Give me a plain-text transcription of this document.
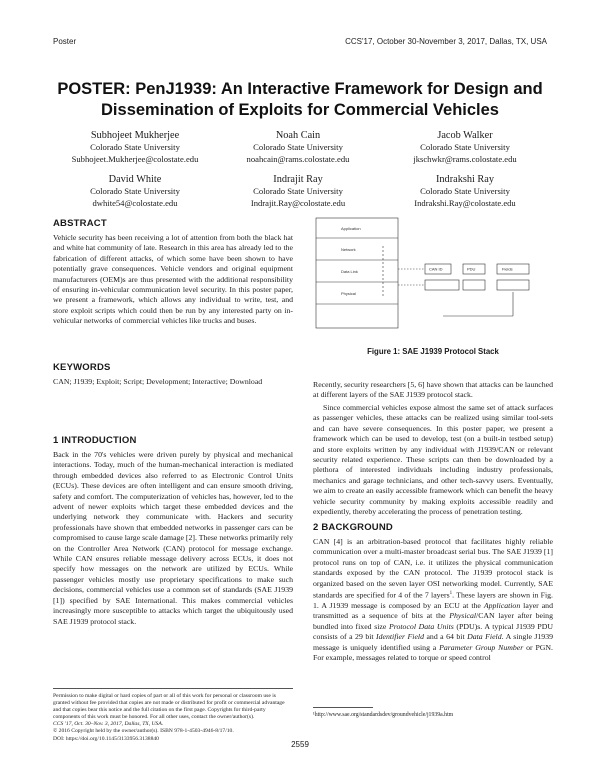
Poster	CCS'17, October 30-November 3, 2017, Dallas, TX, USA
POSTER: PenJ1939: An Interactive Framework for Design and Dissemination of Exploits for Commercial Vehicles
Subhojeet Mukherjee
Colorado State University
Subhojeet.Mukherjee@colostate.edu
Noah Cain
Colorado State University
noahcain@rams.colostate.edu
Jacob Walker
Colorado State University
jkschwkr@rams.colostate.edu
David White
Colorado State University
dwhite54@colostate.edu
Indrajit Ray
Colorado State University
Indrajit.Ray@colostate.edu
Indrakshi Ray
Colorado State University
Indrakshi.Ray@colostate.edu
ABSTRACT

Vehicle security has been receiving a lot of attention from both the black hat and white hat community of late. Research in this area has already led to the fabrication of different attacks, of which some have been shown to have potentially grave consequences. Vehicle vendors and original equipment manufacturers (OEM)s are thus presented with the additional responsibility of ensuring in-vehicular communication level security. In this poster paper, we present a framework, which allows any individual to write, test, and store exploit scripts which could then be run by any interested party on in-vehicular networks of commercial vehicles like trucks and buses.

KEYWORDS

CAN; J1939; Exploit; Script; Development; Interactive; Download

1 INTRODUCTION

Back in the 70's vehicles were driven purely by physical and mechanical interactions. Today, much of the human-mechanical interaction is mediated through embedded devices also referred to as Electronic Control Units (ECUs). These devices are often intelligent and can ensure smooth driving, safety and comfort. The computerization of vehicles has, however, led to the advent of newer exploits which target these embedded devices and the underlying network they communicate with. Hackers and security professionals have shown that embedded networks in passenger cars can be compromised to cause large scale damage [2]. These networks primarily rely on the Controller Area Network (CAN) protocol for message exchange. While CAN ensures reliable message delivery across ECUs, it does not specify how messages on the network are utilized by ECUs. While passenger vehicles mostly use proprietary specifications to make such decisions, commercial vehicles use a common set of standards (SAE J1939 [1]) specified by SAE International. This makes commercial vehicles increasingly more susceptible to attacks which target the ubiquitously used SAE J1939 protocol stack.

Permission to make digital or hard copies of part or all of this work for personal or classroom use is granted without fee provided that copies are not made or distributed for profit or commercial advantage and that copies bear this notice and the full citation on the first page. Copyrights for third-party components of this work must be honored. For all other uses, contact the owner/author(s).
CCS '17, Oct. 30–Nov. 3, 2017, Dallas, TX, USA.
© 2016 Copyright held by the owner/author(s). ISBN 978-1-4503-4946-8/17/10.
DOI: https://doi.org/10.1145/3133956.3138840
Application
Network
Data Link
Physical
CAN ID	PDU	Fields
Figure 1: SAE J1939 Protocol Stack

Recently, security researchers [5, 6] have shown that attacks can be launched at different layers of the SAE J1939 protocol stack.

Since commercial vehicles expose almost the same set of attack surfaces as passenger vehicles, these attacks can be realized using similar tool-sets and can have severe consequences. In this poster paper, we present a framework which can be used to develop, test (on a built-in testbed setup) and store exploits written by any individual with J1939/CAN or relevant security related experience. These scripts can then be downloaded by a plethora of interested individuals including industry professionals, mechanics and garage technicians, and other tech-savvy users. Eventually, we aim to create an easily accessible framework which can benefit the heavy vehicle security community by making exploits accessible readily and expediently, thereby accelerating the process of penetration testing.

2 BACKGROUND

CAN [4] is an arbitration-based protocol that facilitates highly reliable communication over a multi-master broadcast serial bus. The SAE J1939 [1] protocol runs on top of CAN, i.e. it utilizes the physical communication standards exposed by the CAN protocol. The J1939 protocol stack is organized based on the seven layer OSI networking model. Currently, SAE standards are specified for 4 of the 7 layers$^1$. These layers are shown in Fig. 1. A J1939 message is composed by an ECU at the Application layer and transmitted as a sequence of bits at the Physical/CAN layer after being bundled into fixed size Protocol Data Units (PDU)s. A typical J1939 PDU consists of a 29 bit Identifier Field and a 64 bit Data Field. A single J1939 message is uniquely identified using a Parameter Group Number or PGN. For example, messages related to torque or speed control

¹http://www.sae.org/standardsdev/groundvehicle/j1939a.htm

2559
